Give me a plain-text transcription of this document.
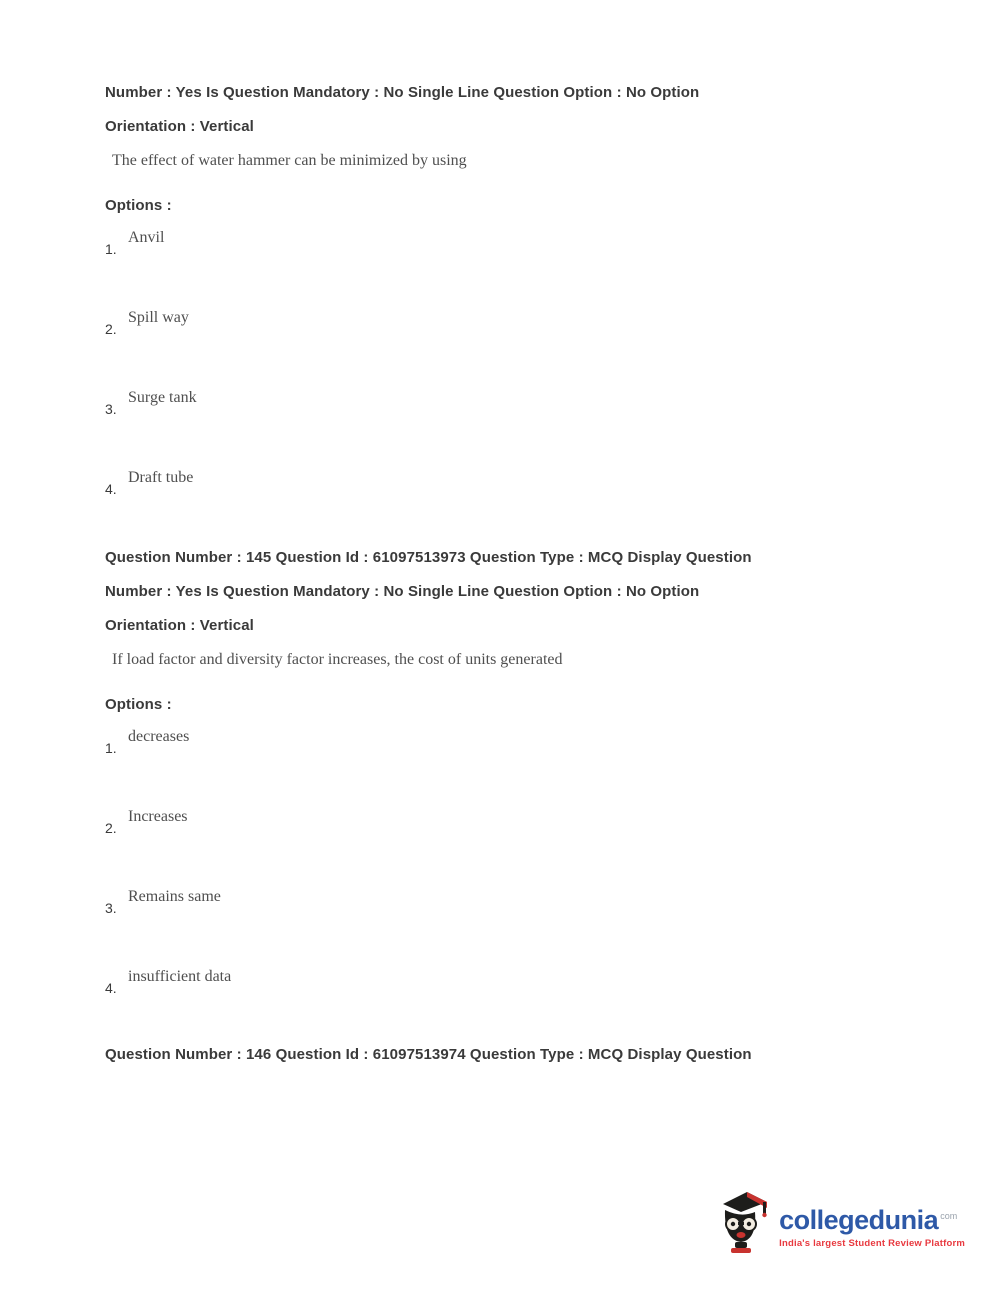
Number : Yes Is Question Mandatory : No Single Line Question Option : No Option

Orientation : Vertical

The effect of water hammer can be minimized by using

Options :

1.
Anvil
2.
Spill way
3.
Surge tank
4.
Draft tube

Question Number : 145 Question Id : 61097513973 Question Type : MCQ Display Question

Number : Yes Is Question Mandatory : No Single Line Question Option : No Option

Orientation : Vertical

If load factor and diversity factor increases, the cost of units generated

Options :

1.
decreases
2.
Increases
3.
Remains same
4.
insufficient data

Question Number : 146 Question Id : 61097513974 Question Type : MCQ Display Question

collegedunia $^{com}$
India's largest Student Review Platform
